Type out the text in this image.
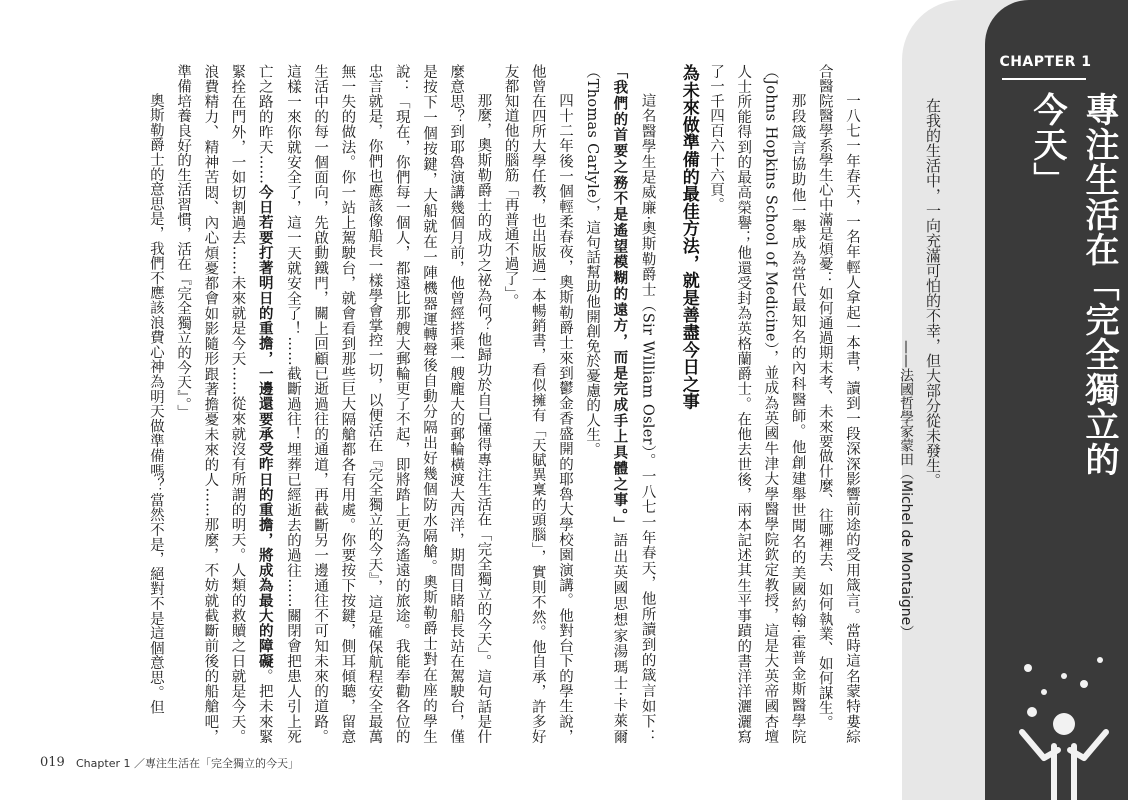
CHAPTER 1
專注生活在「完全獨立的今天」
在我的生活中，一向充滿可怕的不幸，但大部分從未發生。
——法國哲學家蒙田（Michel de Montaigne）

一八七一年春天，一名年輕人拿起一本書，讀到一段深深影響前途的受用箴言。當時這名蒙特婁綜合醫院醫學系學生心中滿是煩憂：如何通過期末考、未來要做什麼、往哪裡去、如何執業、如何謀生。

那段箴言協助他一舉成為當代最知名的內科醫師。他創建舉世聞名的美國約翰‧霍普金斯醫學院（Johns Hopkins School of Medicine），並成為英國牛津大學醫學院欽定教授，這是大英帝國杏壇人士所能得到的最高榮譽；他還受封為英格蘭爵士。在他去世後，兩本記述其生平事蹟的書洋洋灑灑寫了一千四百六十六頁。

為未來做準備的最佳方法，就是善盡今日之事

這名醫學生是威廉‧奧斯勒爵士（Sir William Osler）。一八七一年春天，他所讀到的箴言如下：「我們的首要之務不是遙望模糊的遠方，而是完成手上具體之事。」語出英國思想家湯瑪士‧卡萊爾（Thomas Carlyle），這句話幫助他開創免於憂慮的人生。

四十二年後一個輕柔春夜，奧斯勒爵士來到鬱金香盛開的耶魯大學校園演講。他對台下的學生說，他曾在四所大學任教，也出版過一本暢銷書，看似擁有「天賦異稟的頭腦」，實則不然。他自承，許多好友都知道他的腦筋「再普通不過了」。

那麼，奧斯勒爵士的成功之祕為何？他歸功於自己懂得專注生活在「完全獨立的今天」。這句話是什麼意思？到耶魯演講幾個月前，他曾經搭乘一艘龐大的郵輪橫渡大西洋，期間目睹船長站在駕駛台，僅是按下一個按鍵，大船就在一陣機器運轉聲後自動分隔出好幾個防水隔艙。奧斯勒爵士對在座的學生說：「現在，你們每一個人，都遠比那艘大郵輪更了不起，即將踏上更為遙遠的旅途。我能奉勸各位的忠言就是，你們也應該像船長一樣學會掌控一切，以便活在『完全獨立的今天』，這是確保航程安全最萬無一失的做法。你一站上駕駛台，就會看到那些巨大隔艙都各有用處。你要按下按鍵，側耳傾聽，留意生活中的每一個面向，先啟動鐵門，關上回顧已逝過往的通道，再截斷另一邊通往不可知未來的道路。這樣一來你就安全了，這一天就安全了！……截斷過往！埋葬已經逝去的過往……關閉會把患人引上死亡之路的昨天……今日若要打著明日的重擔，一邊還要承受昨日的重擔，將成為最大的障礙。把未來緊緊拴在門外，一如切割過去……未來就是今天……從來就沒有所謂的明天。人類的救贖之日就是今天。浪費精力、精神苦悶、內心煩憂都會如影隨形跟著擔憂未來的人……那麼，不妨就截斷前後的船艙吧，準備培養良好的生活習慣，活在『完全獨立的今天』。」

奧斯勒爵士的意思是，我們不應該浪費心神為明天做準備嗎？當然不是，絕對不是這個意思。但

019 Chapter 1 ／專注生活在「完全獨立的今天」
